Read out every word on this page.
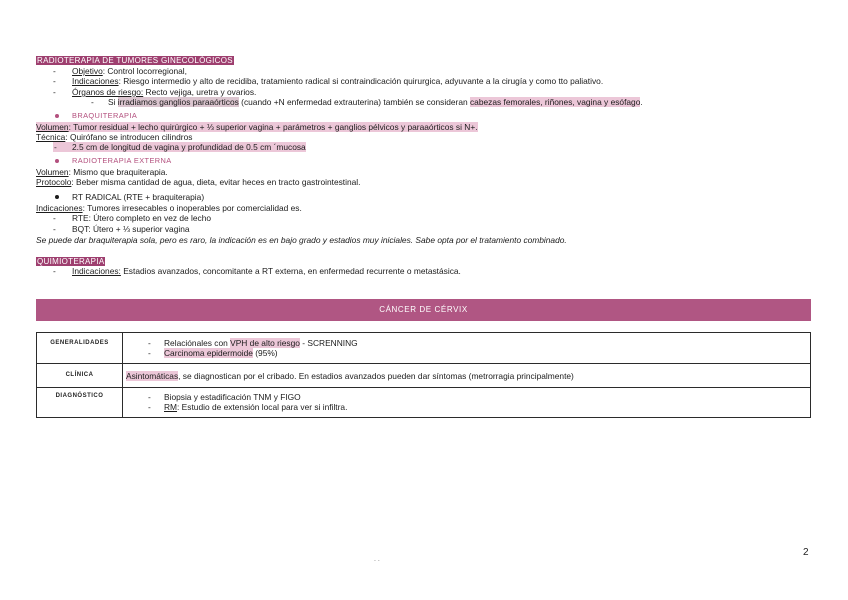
RADIOTERAPIA DE TUMORES GINECOLÓGICOS
-
Objetivo: Control locorregional,
-
Indicaciones: Riesgo intermedio y alto de recidiba, tratamiento radical si contraindicación quirurgica, adyuvante a la cirugía y como tto paliativo.
-
Órganos de riesgo: Recto vejiga, uretra y ovarios.
-
Si irradiamos ganglios paraaórticos (cuando +N enfermedad extrauterina) también se consideran cabezas femorales, riñones, vagina y esófago.
BRAQUITERAPIA
Volumen: Tumor residual + lecho quirúrgico + ⅓ superior vagina + parámetros + ganglios pélvicos y paraaórticos si N+.
Técnica: Quirófano se introducen cilindros
-
2.5 cm de longitud de vagina y profundidad de 0.5 cm ´mucosa
RADIOTERAPIA EXTERNA
Volumen: Mismo que braquiterapia.
Protocolo: Beber misma cantidad de agua, dieta, evitar heces en tracto gastrointestinal.
RT RADICAL (RTE + braquiterapia)
Indicaciones: Tumores irresecables o inoperables por comercialidad es.
-
RTE: Útero completo en vez de lecho
-
BQT: Útero + ⅓ superior vagina
Se puede dar braquiterapia sola, pero es raro, la indicación es en bajo grado y estadios muy iniciales. Sabe opta por el tratamiento combinado.
QUIMIOTERAPIA
-
Indicaciones: Estadios avanzados, concomitante a RT externa, en enfermedad recurrente o metastásica.
CÁNCER DE CÉRVIX
GENERALIDADES -	Relaciónales con VPH de alto riesgo - SCRENNING
-
Carcinoma epidermoide (95%)
CLÍNICA	Asintomáticas, se diagnostican por el cribado. En estadios avanzados pueden dar síntomas (metrorragia principalmente)
DIAGNÓSTICO -	Biopsia y estadificación TNM y FIGO
-
RM: Estudio de extensión local para ver si infiltra.
. .
2
